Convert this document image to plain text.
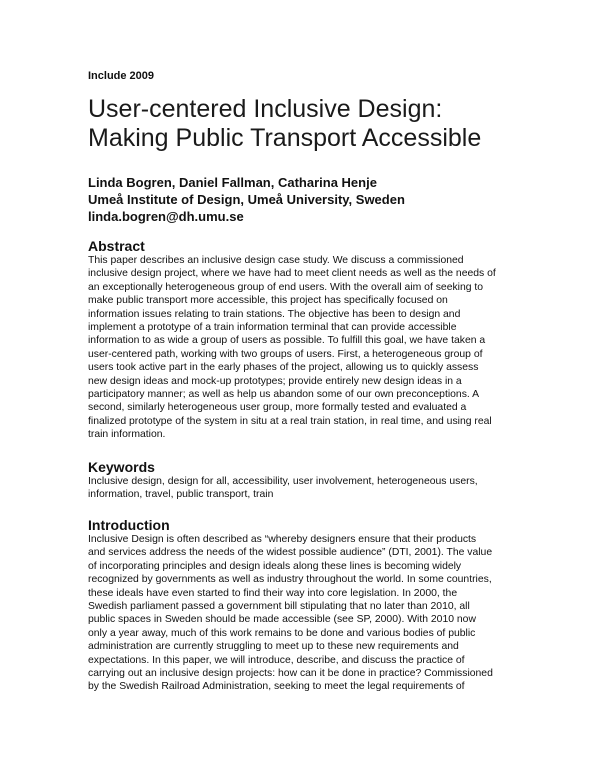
Include 2009
User-centered Inclusive Design:
Making Public Transport Accessible
Linda Bogren, Daniel Fallman, Catharina Henje
Umeå Institute of Design, Umeå University, Sweden
linda.bogren@dh.umu.se
Abstract
This paper describes an inclusive design case study. We discuss a commissioned
inclusive design project, where we have had to meet client needs as well as the needs of
an exceptionally heterogeneous group of end users. With the overall aim of seeking to
make public transport more accessible, this project has specifically focused on
information issues relating to train stations. The objective has been to design and
implement a prototype of a train information terminal that can provide accessible
information to as wide a group of users as possible. To fulfill this goal, we have taken a
user-centered path, working with two groups of users. First, a heterogeneous group of
users took active part in the early phases of the project, allowing us to quickly assess
new design ideas and mock-up prototypes; provide entirely new design ideas in a
participatory manner; as well as help us abandon some of our own preconceptions. A
second, similarly heterogeneous user group, more formally tested and evaluated a
finalized prototype of the system in situ at a real train station, in real time, and using real
train information.
Keywords
Inclusive design, design for all, accessibility, user involvement, heterogeneous users,
information, travel, public transport, train
Introduction
Inclusive Design is often described as “whereby designers ensure that their products
and services address the needs of the widest possible audience” (DTI, 2001). The value
of incorporating principles and design ideals along these lines is becoming widely
recognized by governments as well as industry throughout the world. In some countries,
these ideals have even started to find their way into core legislation. In 2000, the
Swedish parliament passed a government bill stipulating that no later than 2010, all
public spaces in Sweden should be made accessible (see SP, 2000). With 2010 now
only a year away, much of this work remains to be done and various bodies of public
administration are currently struggling to meet up to these new requirements and
expectations. In this paper, we will introduce, describe, and discuss the practice of
carrying out an inclusive design projects: how can it be done in practice? Commissioned
by the Swedish Railroad Administration, seeking to meet the legal requirements of
